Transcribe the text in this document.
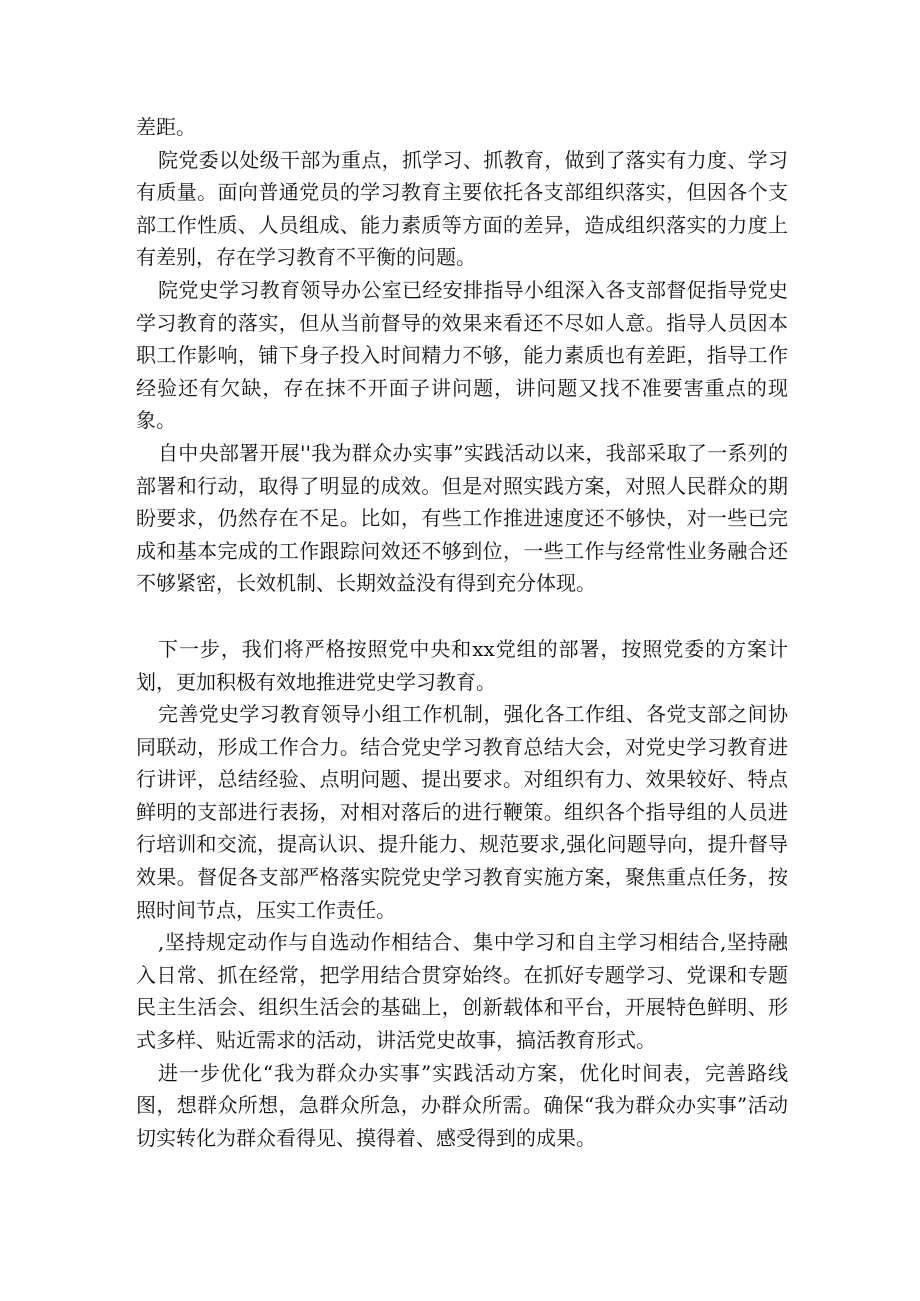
差距。

院党委以处级干部为重点，抓学习、抓教育，做到了落实有力度、学习有质量。面向普通党员的学习教育主要依托各支部组织落实，但因各个支部工作性质、人员组成、能力素质等方面的差异，造成组织落实的力度上有差别，存在学习教育不平衡的问题。

院党史学习教育领导办公室已经安排指导小组深入各支部督促指导党史学习教育的落实，但从当前督导的效果来看还不尽如人意。指导人员因本职工作影响，铺下身子投入时间精力不够，能力素质也有差距，指导工作经验还有欠缺，存在抹不开面子讲问题，讲问题又找不准要害重点的现象。

自中央部署开展''我为群众办实事”实践活动以来，我部采取了一系列的部署和行动，取得了明显的成效。但是对照实践方案，对照人民群众的期盼要求，仍然存在不足。比如，有些工作推进速度还不够快，对一些已完成和基本完成的工作跟踪问效还不够到位，一些工作与经常性业务融合还不够紧密，长效机制、长期效益没有得到充分体现。

下一步，我们将严格按照党中央和xx党组的部署，按照党委的方案计划，更加积极有效地推进党史学习教育。

完善党史学习教育领导小组工作机制，强化各工作组、各党支部之间协同联动，形成工作合力。结合党史学习教育总结大会，对党史学习教育进行讲评，总结经验、点明问题、提出要求。对组织有力、效果较好、特点鲜明的支部进行表扬，对相对落后的进行鞭策。组织各个指导组的人员进行培训和交流，提高认识、提升能力、规范要求,强化问题导向，提升督导效果。督促各支部严格落实院党史学习教育实施方案，聚焦重点任务，按照时间节点，压实工作责任。

,坚持规定动作与自选动作相结合、集中学习和自主学习相结合,坚持融入日常、抓在经常，把学用结合贯穿始终。在抓好专题学习、党课和专题民主生活会、组织生活会的基础上，创新载体和平台，开展特色鲜明、形式多样、贴近需求的活动，讲活党史故事，搞活教育形式。

进一步优化“我为群众办实事”实践活动方案，优化时间表，完善路线图，想群众所想，急群众所急，办群众所需。确保“我为群众办实事”活动切实转化为群众看得见、摸得着、感受得到的成果。
